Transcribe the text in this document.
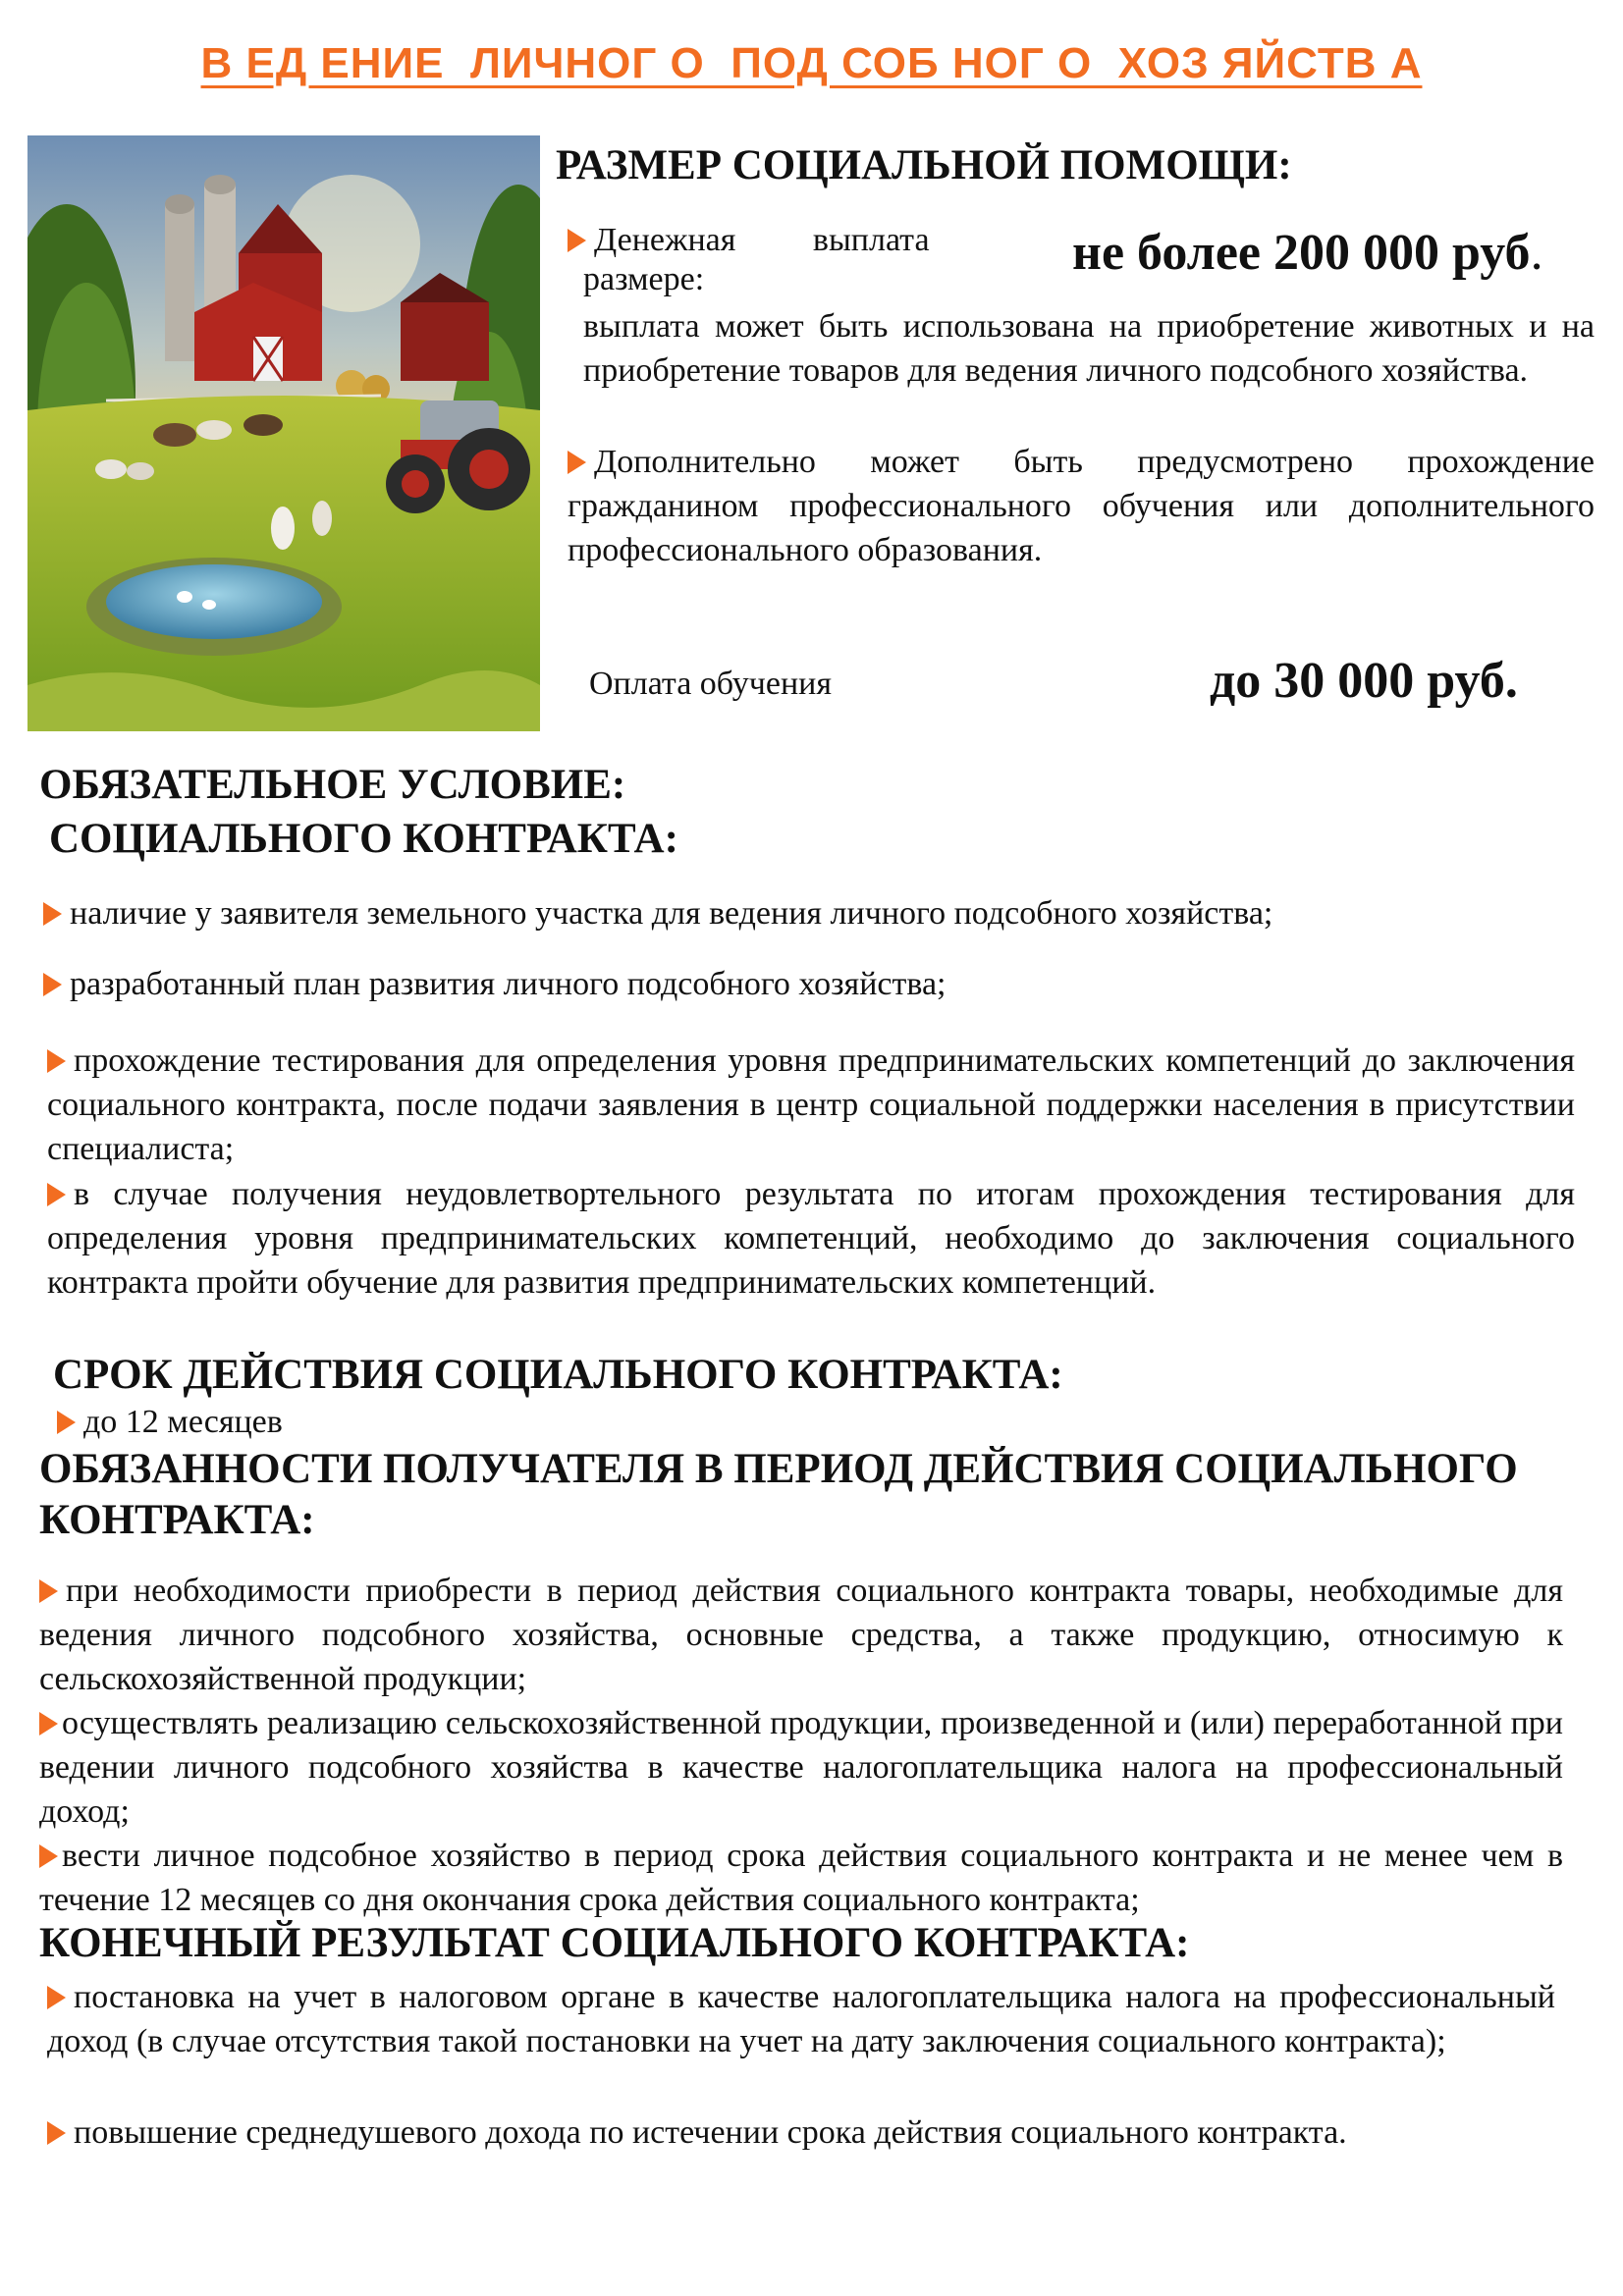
В ЕД ЕНИЕ  ЛИЧНОГ О  ПОД СОБ НОГ О  ХОЗ ЯЙСТВ А
РАЗМЕР СОЦИАЛЬНОЙ ПОМОЩИ:
Денежная выплата
размере:	не более 200 000 руб.
выплата может быть использована на приобретение животных и на приобретение товаров для ведения личного подсобного хозяйства.
Дополнительно может быть предусмотрено прохождение гражданином профессионального обучения или дополнительного профессионального образования.
Оплата обучения	до 30 000 руб.
ОБЯЗАТЕЛЬНОЕ УСЛОВИЕ:
СОЦИАЛЬНОГО КОНТРАКТА:
наличие у заявителя земельного участка для ведения личного подсобного хозяйства;
разработанный план развития личного подсобного хозяйства;
прохождение тестирования для определения уровня предпринимательских компетенций до заключения социального контракта, после подачи заявления в центр социальной поддержки населения в присутствии специалиста;
в случае получения неудовлетвортельного результата по итогам прохождения тестирования для определения уровня предпринимательских компетенций, необходимо до заключения социального контракта пройти обучение для развития предпринимательских компетенций.
СРОК ДЕЙСТВИЯ СОЦИАЛЬНОГО КОНТРАКТА:
до 12 месяцев
ОБЯЗАННОСТИ ПОЛУЧАТЕЛЯ В ПЕРИОД ДЕЙСТВИЯ СОЦИАЛЬНОГО
КОНТРАКТА:
при необходимости приобрести в период действия социального контракта товары, необходимые для ведения личного подсобного хозяйства, основные средства, а также продукцию, относимую к сельскохозяйственной продукции;
осуществлять реализацию сельскохозяйственной продукции, произведенной и (или) переработанной при ведении личного подсобного хозяйства в качестве налогоплательщика налога на профессиональный доход;
вести личное подсобное хозяйство в период срока действия социального контракта и не менее чем в течение 12 месяцев со дня окончания срока действия социального контракта;
КОНЕЧНЫЙ РЕЗУЛЬТАТ СОЦИАЛЬНОГО КОНТРАКТА:
постановка на учет в налоговом органе в качестве налогоплательщика налога на профессиональный доход (в случае отсутствия такой постановки на учет на дату заключения социального контракта);
повышение среднедушевого дохода по истечении срока действия социального контракта.
